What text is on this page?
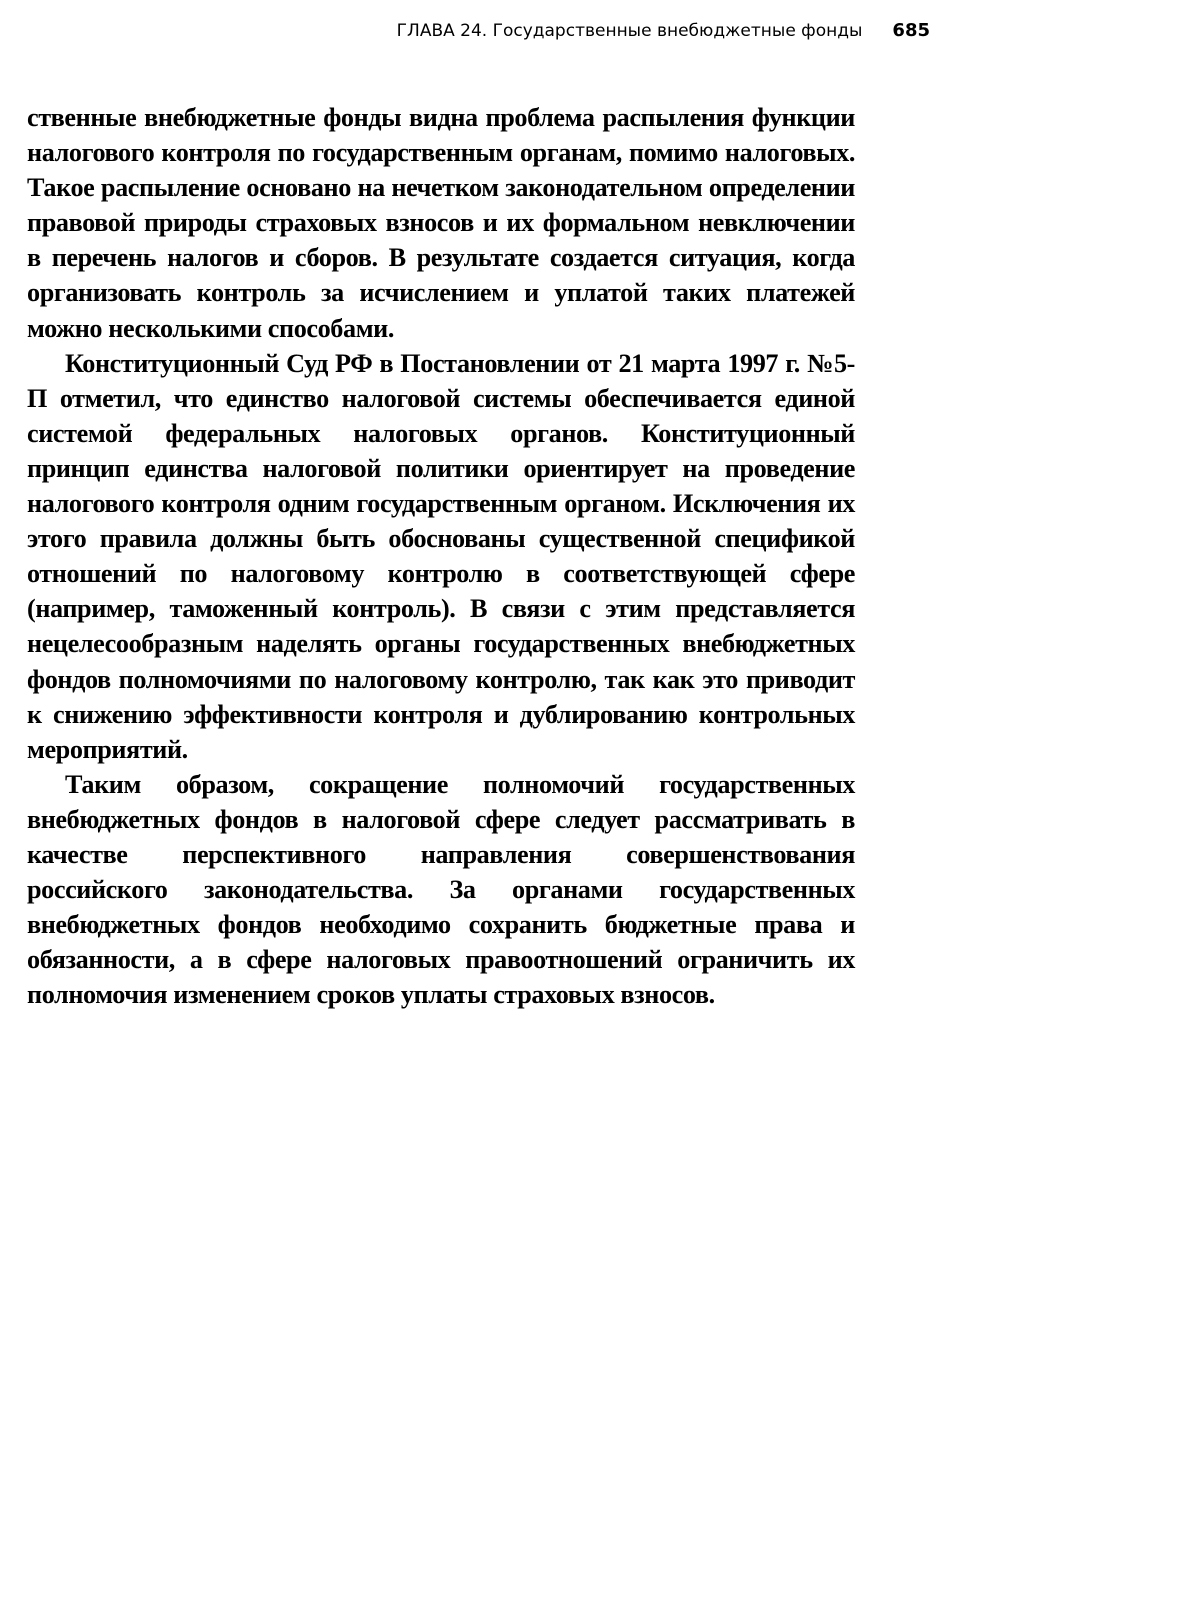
ГЛАВА 24. Государственные внебюджетные фонды 685

ственные внебюджетные фонды видна проблема распыления функции налогового контроля по государственным органам, помимо налоговых. Такое распыление основано на нечетком законодательном определении правовой природы страховых взносов и их формальном невключении в перечень налогов и сборов. В результате создается ситуация, когда организовать контроль за исчислением и уплатой таких платежей можно несколькими способами.

Конституционный Суд РФ в Постановлении от 21 марта 1997 г. №5-П отметил, что единство налоговой системы обеспечивается единой системой федеральных налоговых органов. Конституционный принцип единства налоговой политики ориентирует на проведение налогового контроля одним государственным органом. Исключения их этого правила должны быть обоснованы существенной спецификой отношений по налоговому контролю в соответствующей сфере (например, таможенный контроль). В связи с этим представляется нецелесообразным наделять органы государственных внебюджетных фондов полномочиями по налоговому контролю, так как это приводит к снижению эффективности контроля и дублированию контрольных мероприятий.

Таким образом, сокращение полномочий государственных внебюджетных фондов в налоговой сфере следует рассматривать в качестве перспективного направления совершенствования российского законодательства. За органами государственных внебюджетных фондов необходимо сохранить бюджетные права и обязанности, а в сфере налоговых правоотношений ограничить их полномочия изменением сроков уплаты страховых взносов.
